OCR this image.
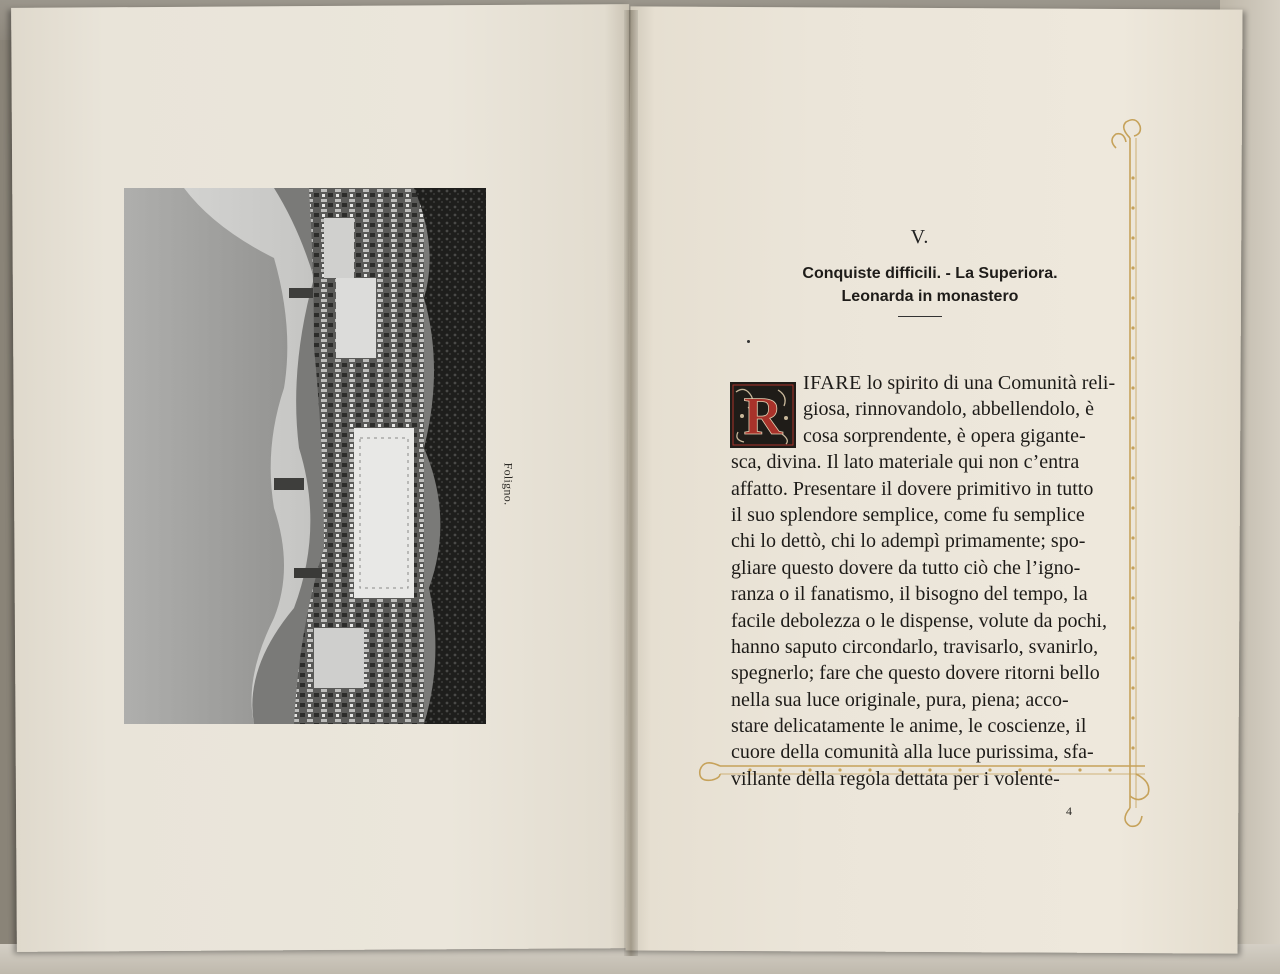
Foligno.
V.
Conquiste difficili. - La Superiora.
Leonarda in monastero
R
IFARE lo spirito di una Comunità reli-
giosa, rinnovandolo, abbellendolo, è
cosa sorprendente, è opera gigante-
sca, divina. Il lato materiale qui non c’entra
affatto. Presentare il dovere primitivo in tutto
il suo splendore semplice, come fu semplice
chi lo dettò, chi lo adempì primamente; spo-
gliare questo dovere da tutto ciò che l’igno-
ranza o il fanatismo, il bisogno del tempo, la
facile debolezza o le dispense, volute da pochi,
hanno saputo circondarlo, travisarlo, svanirlo,
spegnerlo; fare che questo dovere ritorni bello
nella sua luce originale, pura, piena; acco-
stare delicatamente le anime, le coscienze, il
cuore della comunità alla luce purissima, sfa-
villante della regola dettata per i volente-
4
